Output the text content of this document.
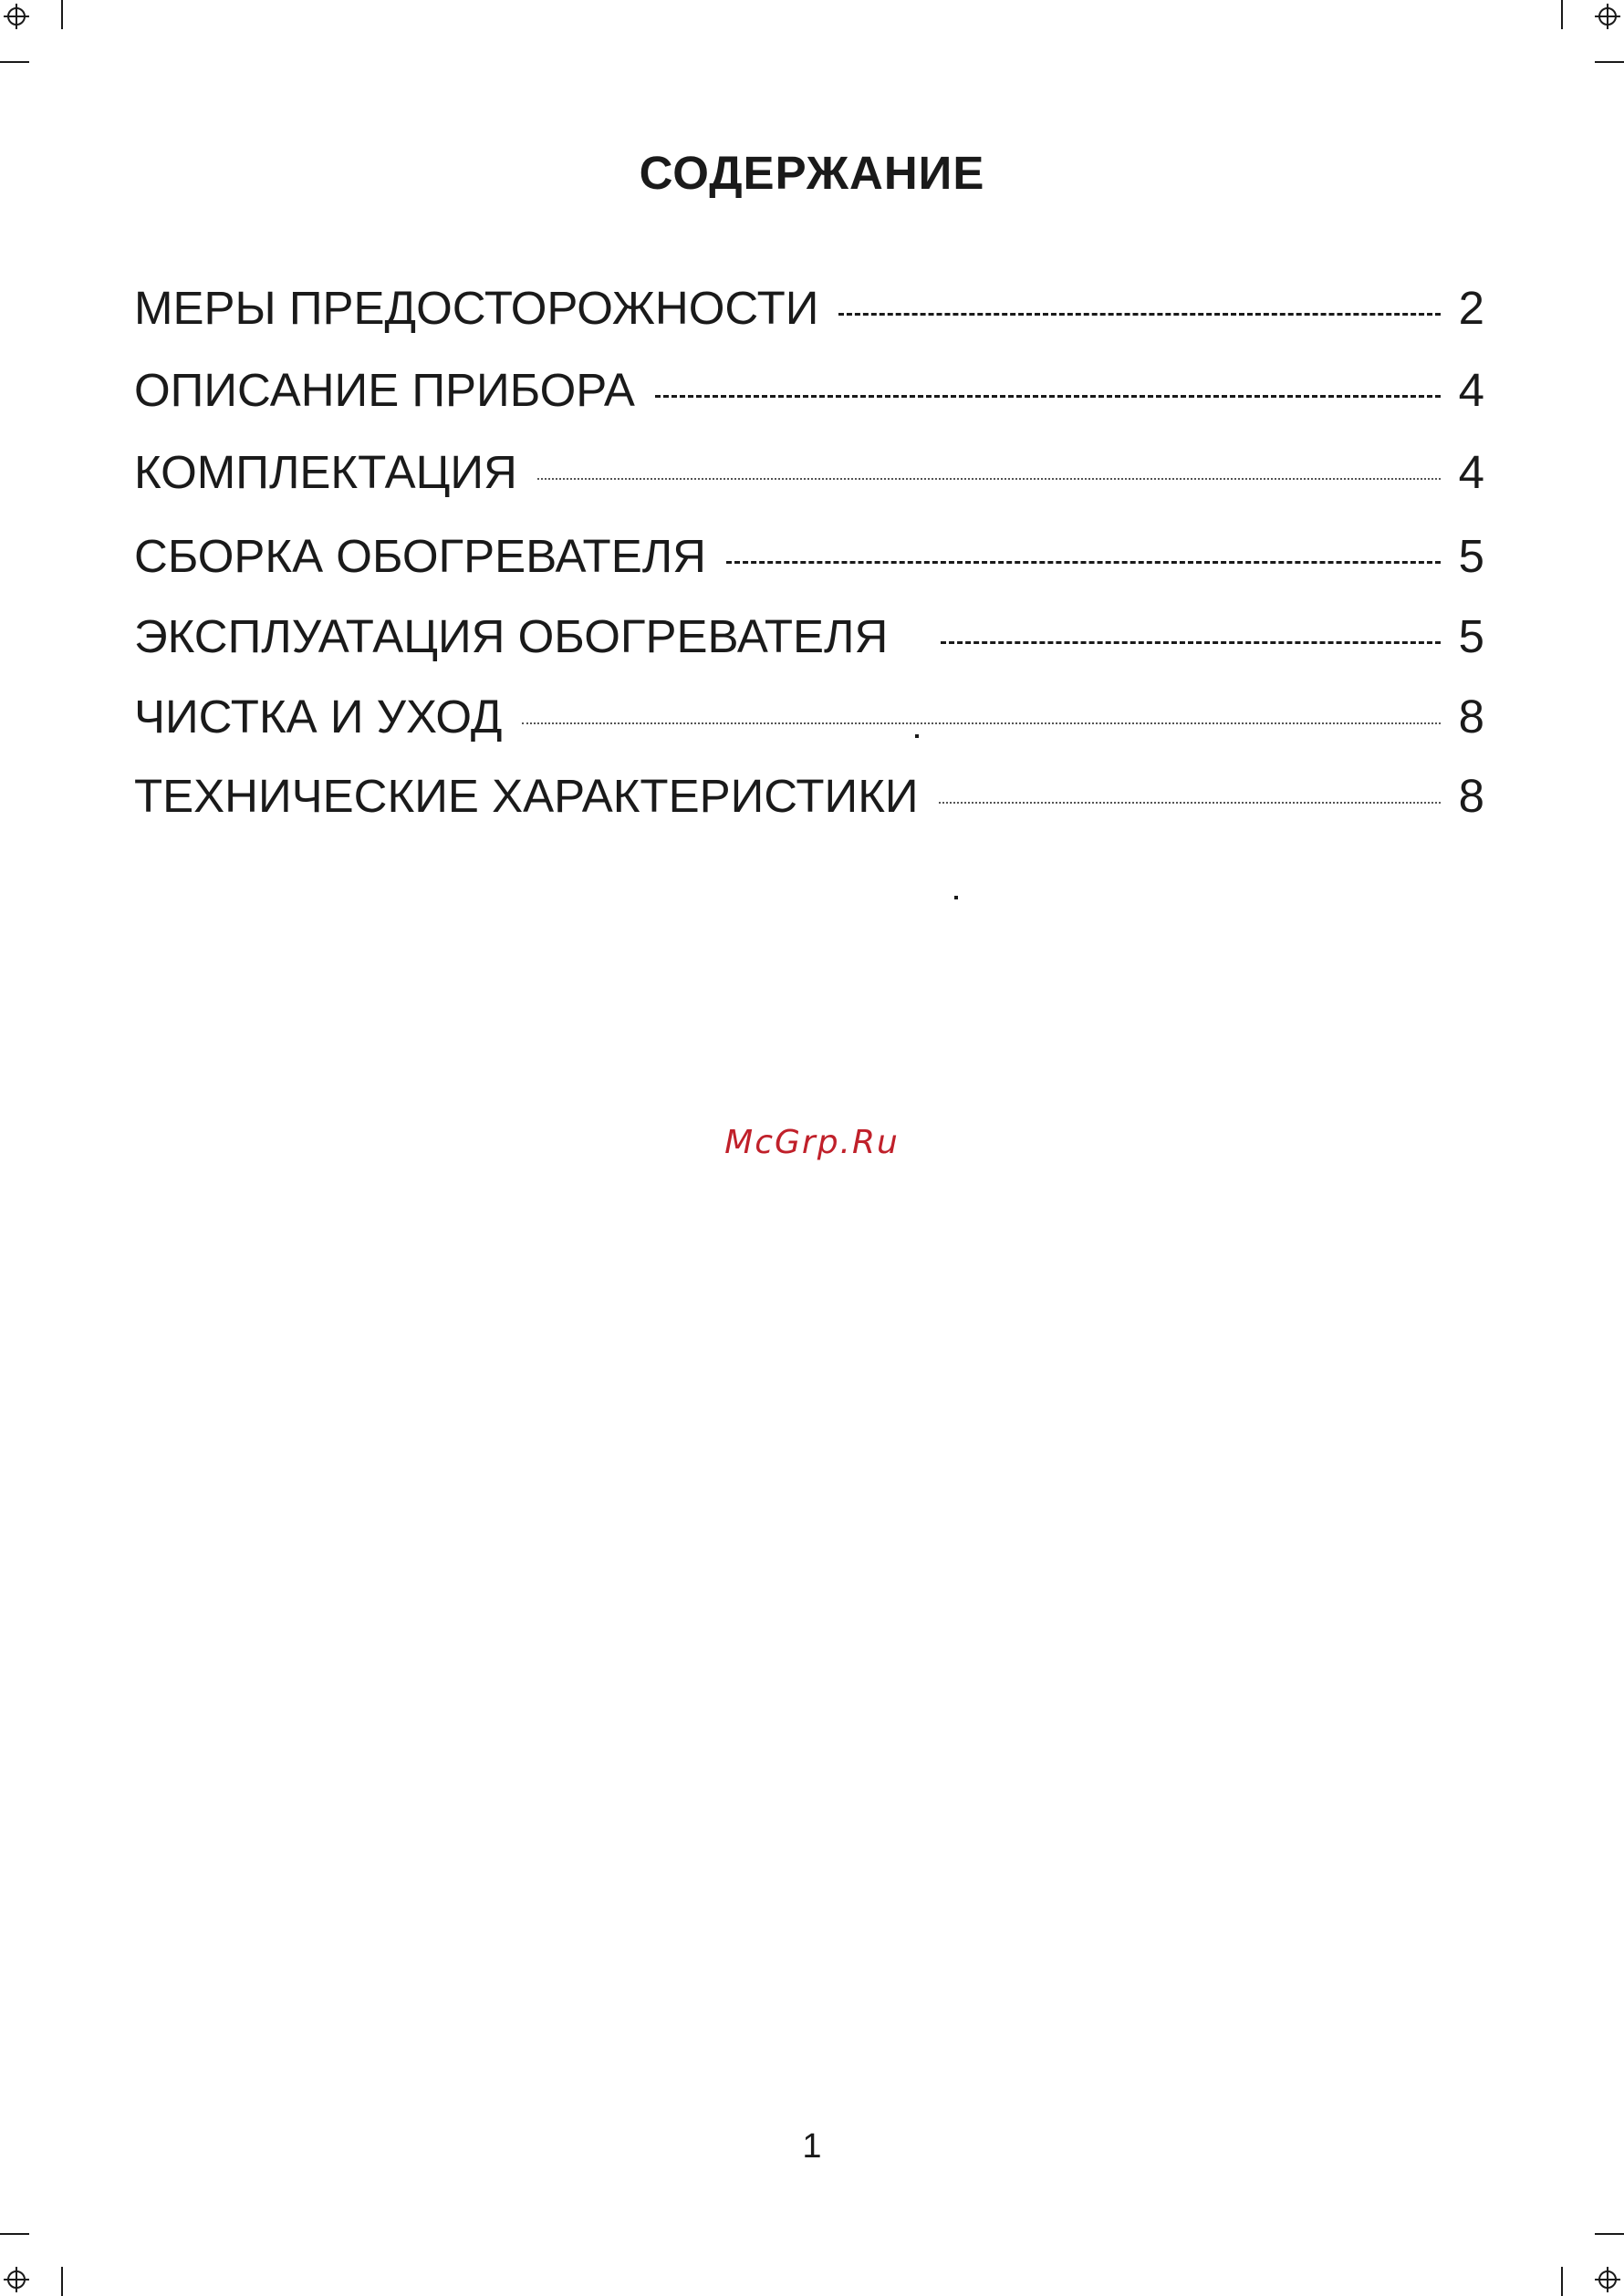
СОДЕРЖАНИЕ
МЕРЫ ПРЕДОСТОРОЖНОСТИ	2
ОПИСАНИЕ ПРИБОРА	4
КОМПЛЕКТАЦИЯ	4
СБОРКА ОБОГРЕВАТЕЛЯ	5
ЭКСПЛУАТАЦИЯ ОБОГРЕВАТЕЛЯ	5
ЧИСТКА И УХОД	8
ТЕХНИЧЕСКИЕ ХАРАКТЕРИСТИКИ	8
McGrp.Ru
1
